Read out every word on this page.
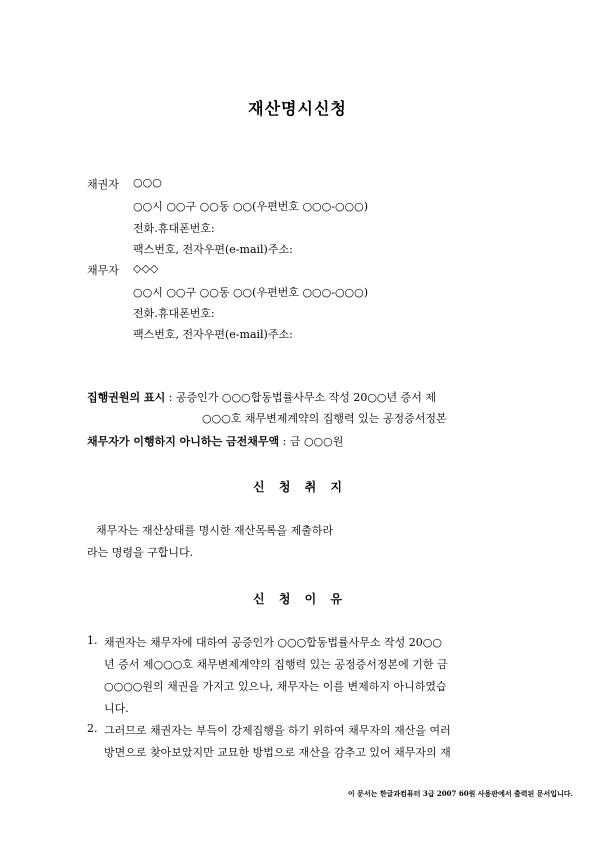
재산명시신청
채권자 ○○○
○○시 ○○구 ○○동 ○○(우편번호 ○○○-○○○)
전화․휴대폰번호:
팩스번호, 전자우편(e-mail)주소:
채무자 ◇◇◇
○○시 ○○구 ○○동 ○○(우편번호 ○○○-○○○)
전화․휴대폰번호:
팩스번호, 전자우편(e-mail)주소:
집행권원의 표시 : 공증인가 ○○○합동법률사무소 작성 20○○년 증서 제
○○○호 채무변제계약의 집행력 있는 공정증서정본
채무자가 이행하지 아니하는 금전채무액 : 금 ○○○원
신 청 취 지
채무자는 재산상태를 명시한 재산목록을 제출하라
라는 명령을 구합니다.
신 청 이 유
1. 채권자는 채무자에 대하여 공증인가 ○○○합동법률사무소 작성 20○○
년 증서 제○○○호 채무변제계약의 집행력 있는 공정증서정본에 기한 금
○○○○원의 채권을 가지고 있으나, 채무자는 이를 변제하지 아니하였습
니다.
2. 그러므로 채권자는 부득이 강제집행을 하기 위하여 채무자의 재산을 여러
방면으로 찾아보았지만 교묘한 방법으로 재산을 감추고 있어 채무자의 재
이 문서는 한글과컴퓨터 3급 2007 60원 사용판에서 출력된 문서입니다.
